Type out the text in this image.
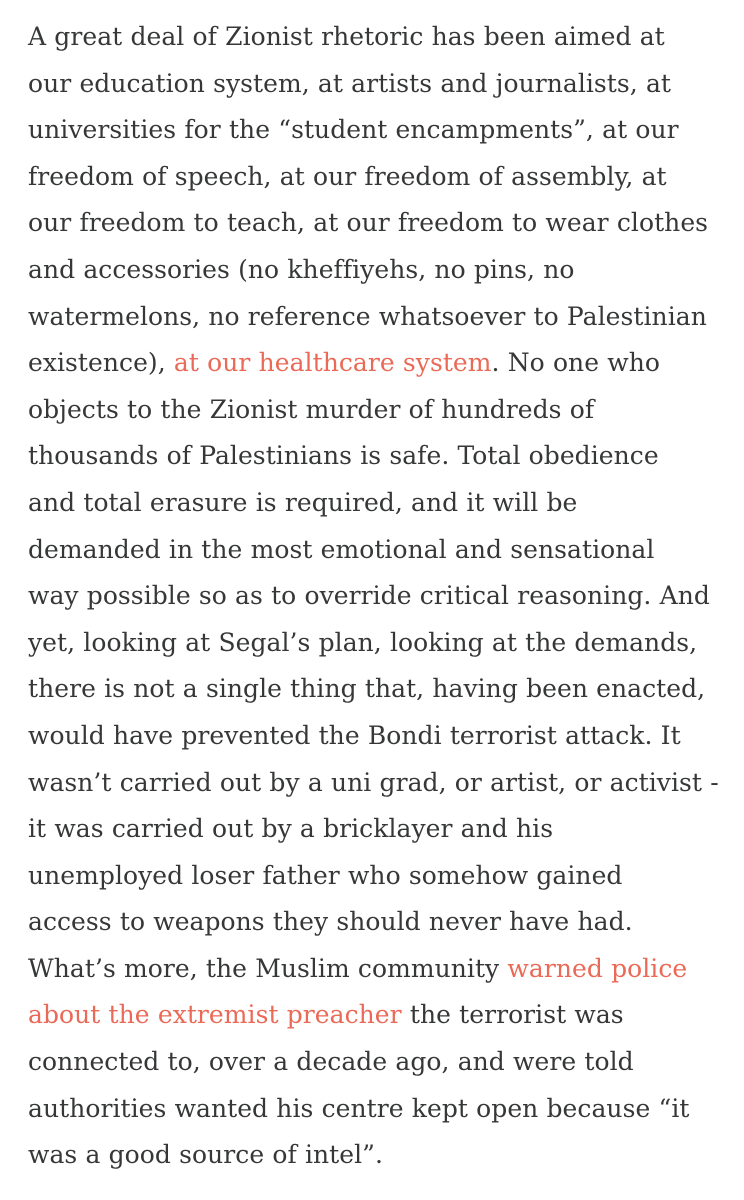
A great deal of Zionist rhetoric has been aimed at
our education system, at artists and journalists, at
universities for the “student encampments”, at our
freedom of speech, at our freedom of assembly, at
our freedom to teach, at our freedom to wear clothes
and accessories (no kheffiyehs, no pins, no
watermelons, no reference whatsoever to Palestinian
existence), at our healthcare system. No one who
objects to the Zionist murder of hundreds of
thousands of Palestinians is safe. Total obedience
and total erasure is required, and it will be
demanded in the most emotional and sensational
way possible so as to override critical reasoning. And
yet, looking at Segal’s plan, looking at the demands,
there is not a single thing that, having been enacted,
would have prevented the Bondi terrorist attack. It
wasn’t carried out by a uni grad, or artist, or activist -
it was carried out by a bricklayer and his
unemployed loser father who somehow gained
access to weapons they should never have had.
What’s more, the Muslim community warned police
about the extremist preacher the terrorist was
connected to, over a decade ago, and were told
authorities wanted his centre kept open because “it
was a good source of intel”.
